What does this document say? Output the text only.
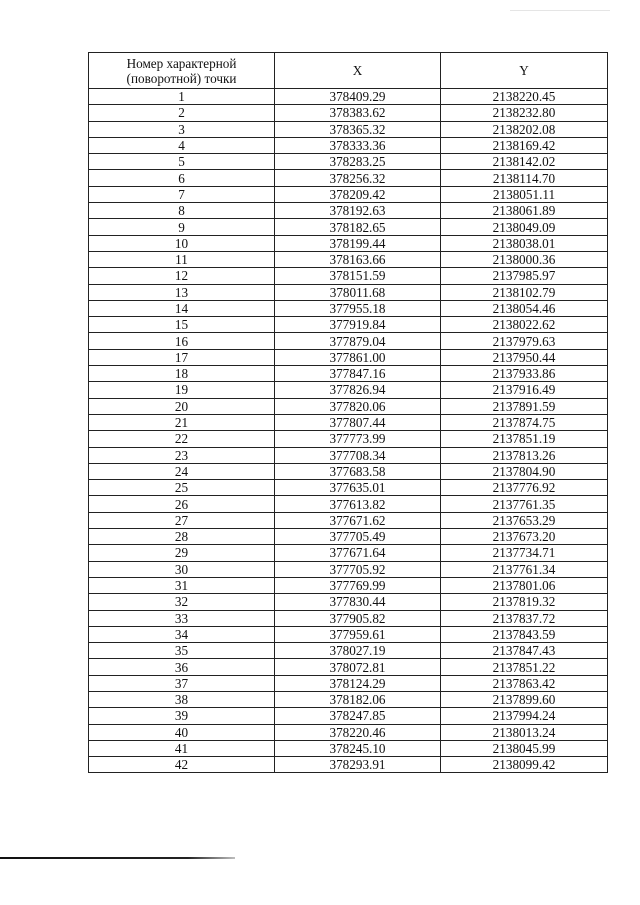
Номер характерной (поворотной) точки	X	Y
1	378409.29	2138220.45
2	378383.62	2138232.80
3	378365.32	2138202.08
4	378333.36	2138169.42
5	378283.25	2138142.02
6	378256.32	2138114.70
7	378209.42	2138051.11
8	378192.63	2138061.89
9	378182.65	2138049.09
10	378199.44	2138038.01
11	378163.66	2138000.36
12	378151.59	2137985.97
13	378011.68	2138102.79
14	377955.18	2138054.46
15	377919.84	2138022.62
16	377879.04	2137979.63
17	377861.00	2137950.44
18	377847.16	2137933.86
19	377826.94	2137916.49
20	377820.06	2137891.59
21	377807.44	2137874.75
22	377773.99	2137851.19
23	377708.34	2137813.26
24	377683.58	2137804.90
25	377635.01	2137776.92
26	377613.82	2137761.35
27	377671.62	2137653.29
28	377705.49	2137673.20
29	377671.64	2137734.71
30	377705.92	2137761.34
31	377769.99	2137801.06
32	377830.44	2137819.32
33	377905.82	2137837.72
34	377959.61	2137843.59
35	378027.19	2137847.43
36	378072.81	2137851.22
37	378124.29	2137863.42
38	378182.06	2137899.60
39	378247.85	2137994.24
40	378220.46	2138013.24
41	378245.10	2138045.99
42	378293.91	2138099.42
